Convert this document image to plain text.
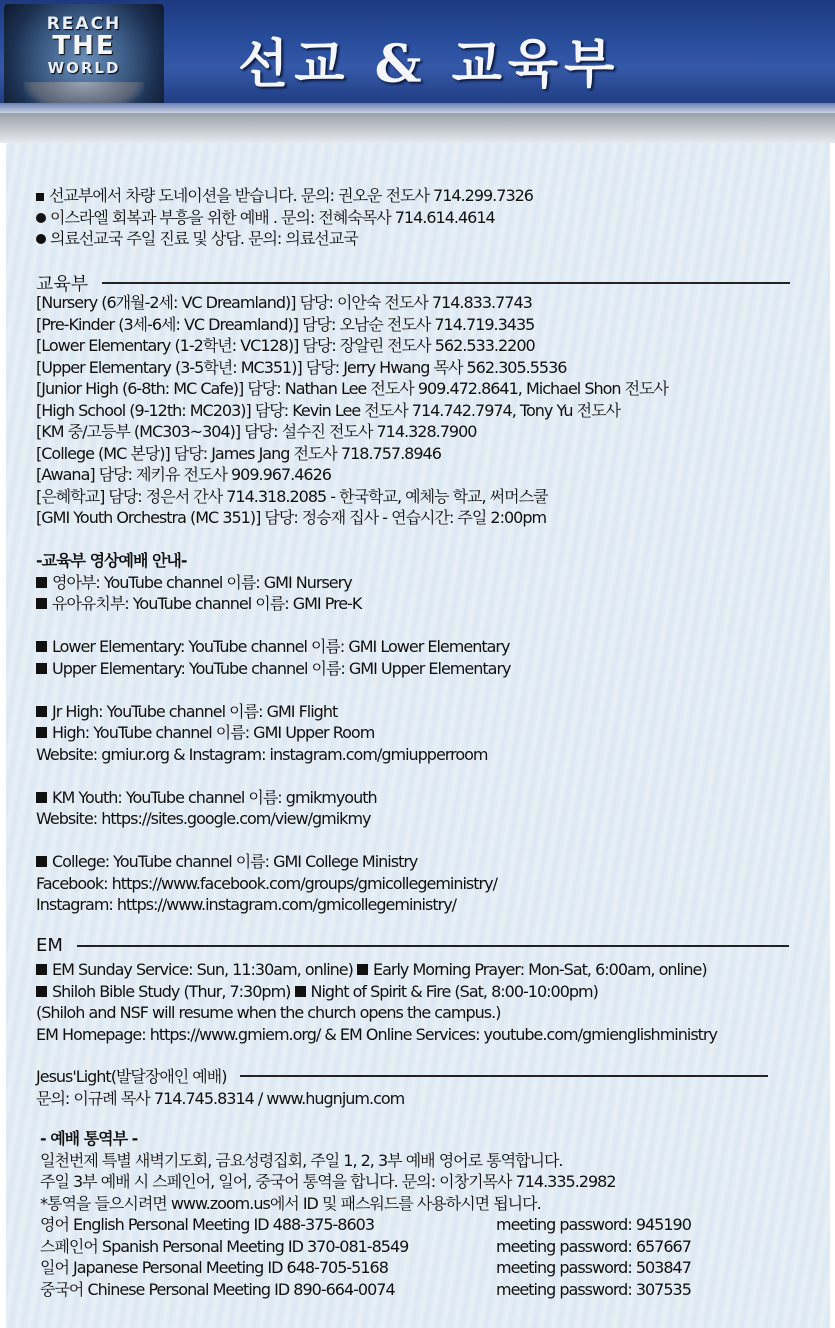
REACH
THE
WORLD	선교 & 교육부
선교부에서 차량 도네이션을 받습니다. 문의: 권오운 전도사 714.299.7326
이스라엘 회복과 부흥을 위한 예배 . 문의: 전혜숙목사 714.614.4614
의료선교국 주일 진료 및 상담. 문의: 의료선교국
교육부
[Nursery (6개월-2세: VC Dreamland)] 담당: 이안숙 전도사 714.833.7743
[Pre-Kinder (3세-6세: VC Dreamland)] 담당: 오남순 전도사 714.719.3435
[Lower Elementary (1-2학년: VC128)] 담당: 장알린 전도사 562.533.2200
[Upper Elementary (3-5학년: MC351)] 담당: Jerry Hwang 목사 562.305.5536
[Junior High (6-8th: MC Cafe)] 담당: Nathan Lee 전도사 909.472.8641, Michael Shon 전도사
[High School (9-12th: MC203)] 담당: Kevin Lee 전도사 714.742.7974, Tony Yu 전도사
[KM 중/고등부 (MC303~304)] 담당: 설수진 전도사 714.328.7900
[College (MC 본당)] 담당: James Jang 전도사 718.757.8946
[Awana] 담당: 제키유 전도사 909.967.4626
[은혜학교] 담당: 정은서 간사 714.318.2085 - 한국학교, 예체능 학교, 써머스쿨
[GMI Youth Orchestra (MC 351)] 담당: 정승재 집사 - 연습시간: 주일 2:00pm
-교육부 영상예배 안내-
영아부: YouTube channel 이름: GMI Nursery
유아유치부: YouTube channel 이름: GMI Pre-K
Lower Elementary: YouTube channel 이름: GMI Lower Elementary
Upper Elementary: YouTube channel 이름: GMI Upper Elementary
Jr High: YouTube channel 이름: GMI Flight
High: YouTube channel 이름: GMI Upper Room
Website: gmiur.org & Instagram: instagram.com/gmiupperroom
KM Youth: YouTube channel 이름: gmikmyouth
Website: https://sites.google.com/view/gmikmy
College: YouTube channel 이름: GMI College Ministry
Facebook: https://www.facebook.com/groups/gmicollegeministry/
Instagram: https://www.instagram.com/gmicollegeministry/
EM
EM Sunday Service: Sun, 11:30am, online) Early Morning Prayer: Mon-Sat, 6:00am, online)
Shiloh Bible Study (Thur, 7:30pm) Night of Spirit & Fire (Sat, 8:00-10:00pm)
(Shiloh and NSF will resume when the church opens the campus.)
EM Homepage: https://www.gmiem.org/ & EM Online Services: youtube.com/gmienglishministry
Jesus'Light(발달장애인 예배)
문의: 이규례 목사 714.745.8314 / www.hugnjum.com
- 예배 통역부 -
일천번제 특별 새벽기도회, 금요성령집회, 주일 1, 2, 3부 예배 영어로 통역합니다.
주일 3부 예배 시 스페인어, 일어, 중국어 통역을 합니다. 문의: 이창기목사 714.335.2982
*통역을 들으시려면 www.zoom.us에서 ID 및 패스워드를 사용하시면 됩니다.
영어 English Personal Meeting ID 488-375-8603	meeting password: 945190
스페인어 Spanish Personal Meeting ID 370-081-8549	meeting password: 657667
일어 Japanese Personal Meeting ID 648-705-5168	meeting password: 503847
중국어 Chinese Personal Meeting ID 890-664-0074	meeting password: 307535
